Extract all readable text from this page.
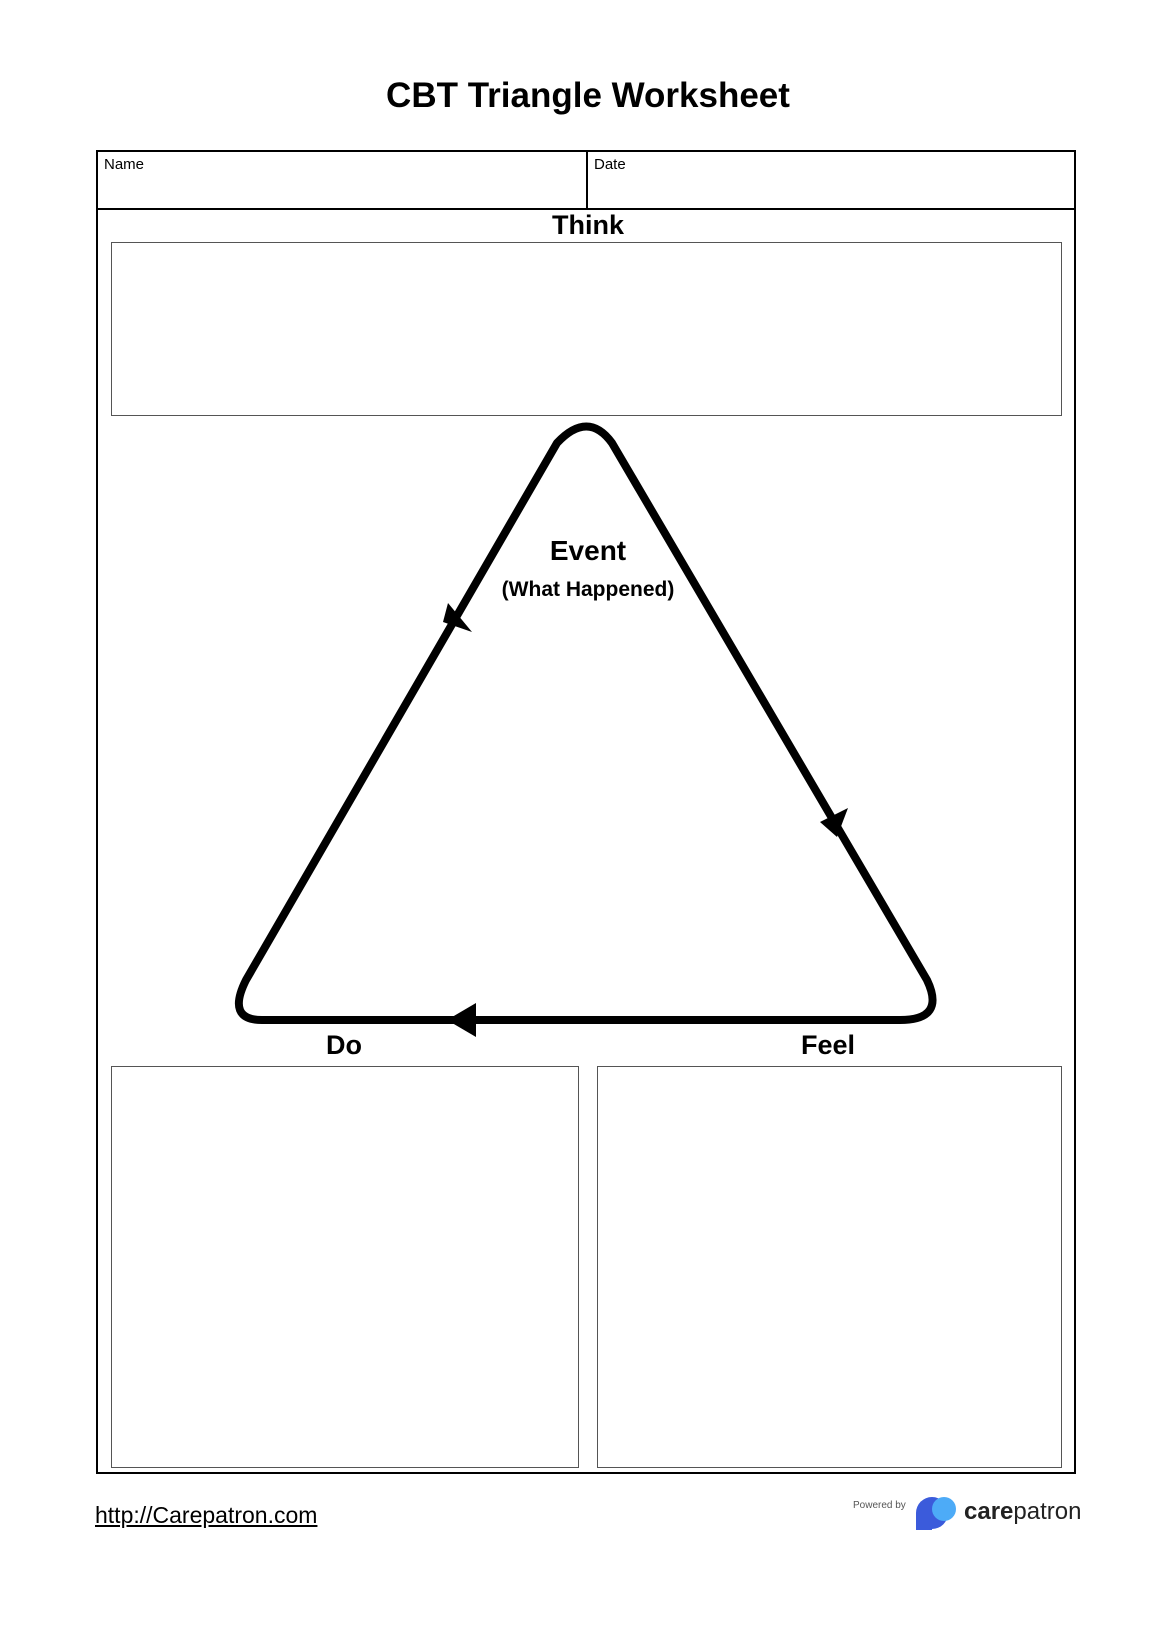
CBT Triangle Worksheet
Name	Date
Think
Event
(What Happened)
Do	Feel
http://Carepatron.com	Powered by carepatron
